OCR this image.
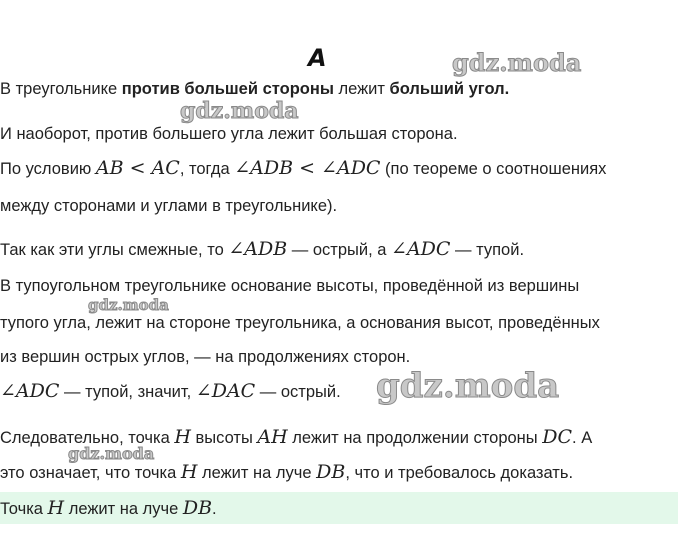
A	gdz.moda
gdz.moda
gdz.moda
gdz.moda
gdz.moda
В треугольнике против большей стороны лежит больший угол.
И наоборот, против большего угла лежит большая сторона.
По условию AB < AC, тогда ∠ADB < ∠ADC (по теореме о соотношениях
между сторонами и углами в треугольнике).
Так как эти углы смежные, то ∠ADB — острый, а ∠ADC — тупой.
В тупоугольном треугольнике основание высоты, проведённой из вершины
тупого угла, лежит на стороне треугольника, а основания высот, проведённых
из вершин острых углов, — на продолжениях сторон.
∠ADC — тупой, значит, ∠DAC — острый.
Следовательно, точка H высоты AH лежит на продолжении стороны DC. А
это означает, что точка H лежит на луче DB, что и требовалось доказать.
Точка H лежит на луче DB.
